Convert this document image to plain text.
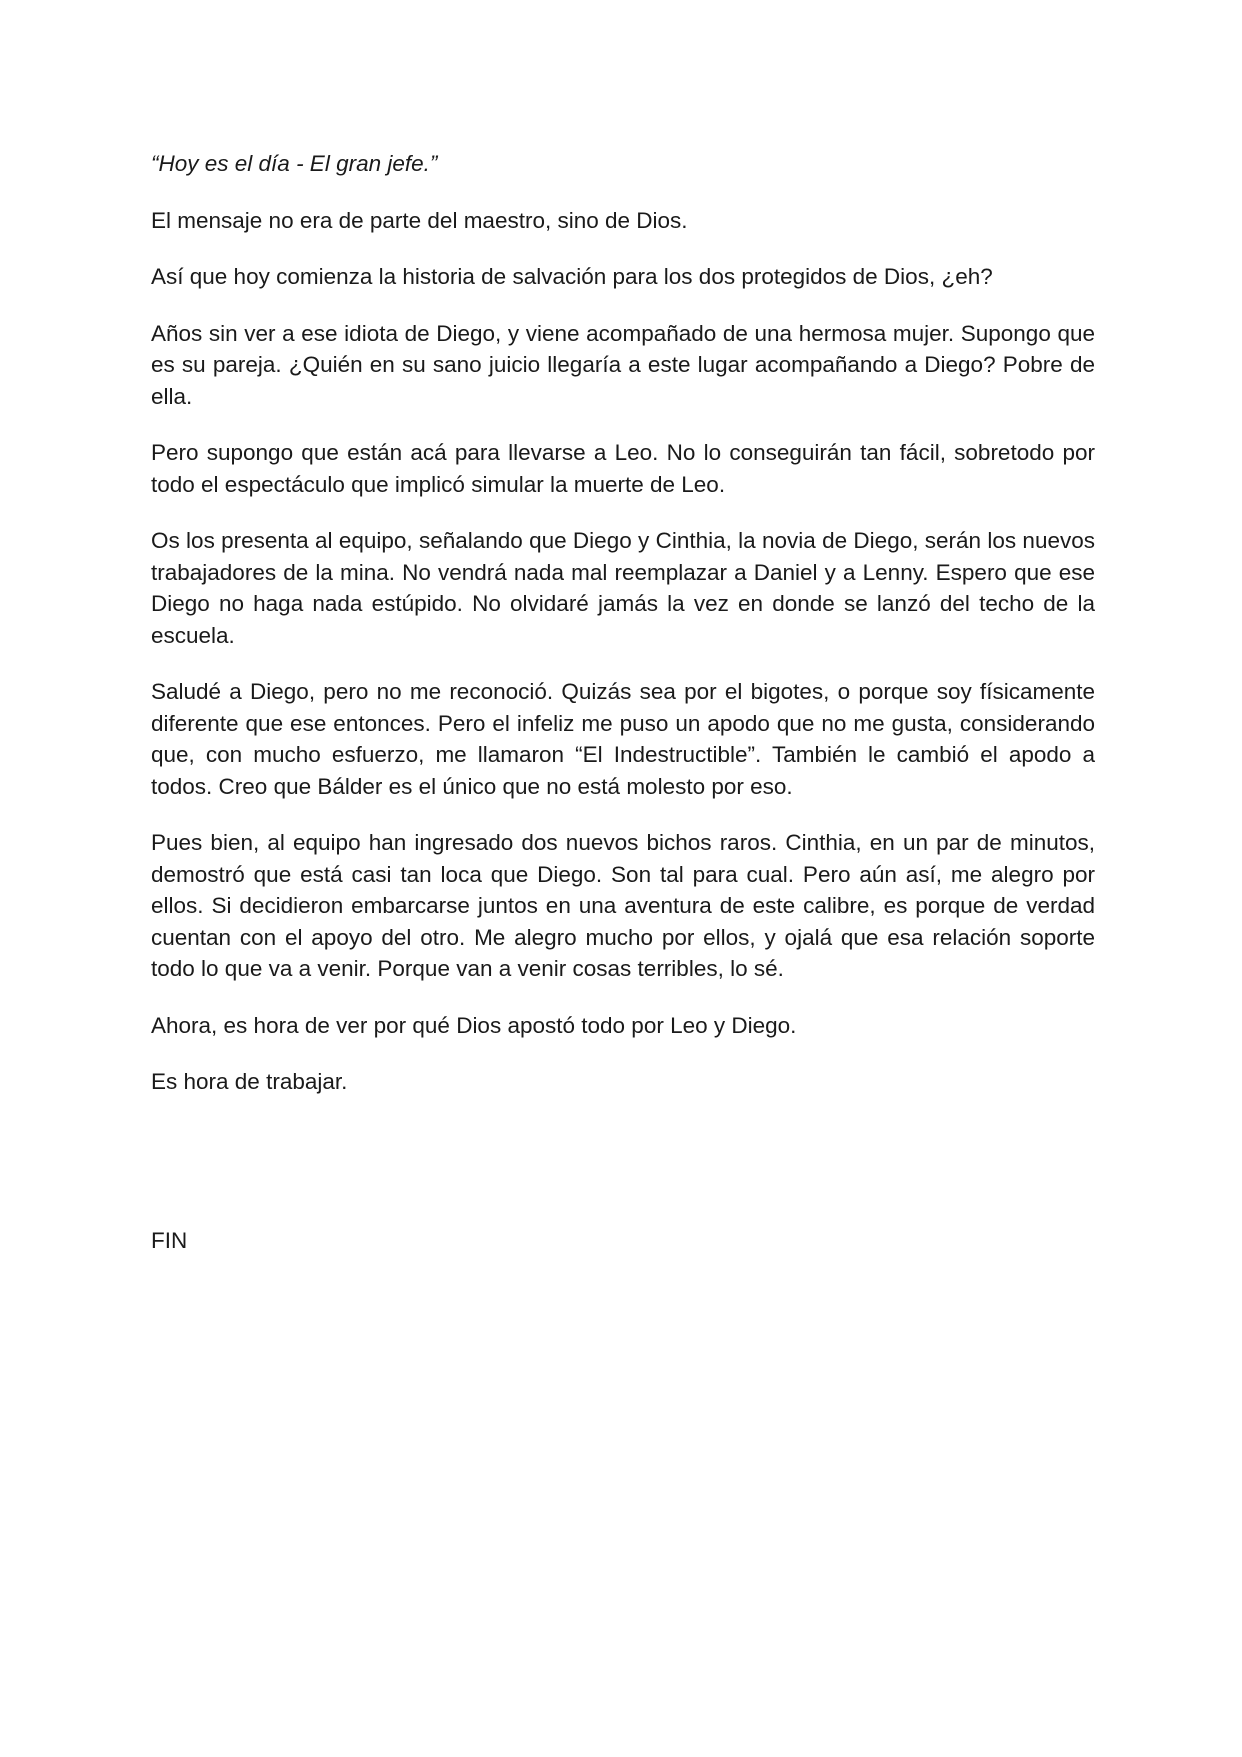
“Hoy es el día - El gran jefe.”

El mensaje no era de parte del maestro, sino de Dios.

Así que hoy comienza la historia de salvación para los dos protegidos de Dios, ¿eh?

Años sin ver a ese idiota de Diego, y viene acompañado de una hermosa mujer. Supongo que es su pareja. ¿Quién en su sano juicio llegaría a este lugar acompañando a Diego? Pobre de ella.

Pero supongo que están acá para llevarse a Leo. No lo conseguirán tan fácil, sobretodo por todo el espectáculo que implicó simular la muerte de Leo.

Os los presenta al equipo, señalando que Diego y Cinthia, la novia de Diego, serán los nuevos trabajadores de la mina. No vendrá nada mal reemplazar a Daniel y a Lenny. Espero que ese Diego no haga nada estúpido. No olvidaré jamás la vez en donde se lanzó del techo de la escuela.

Saludé a Diego, pero no me reconoció. Quizás sea por el bigotes, o porque soy físicamente diferente que ese entonces. Pero el infeliz me puso un apodo que no me gusta, considerando que, con mucho esfuerzo, me llamaron “El Indestructible”. También le cambió el apodo a todos. Creo que Bálder es el único que no está molesto por eso.

Pues bien, al equipo han ingresado dos nuevos bichos raros. Cinthia, en un par de minutos, demostró que está casi tan loca que Diego. Son tal para cual. Pero aún así, me alegro por ellos. Si decidieron embarcarse juntos en una aventura de este calibre, es porque de verdad cuentan con el apoyo del otro. Me alegro mucho por ellos, y ojalá que esa relación soporte todo lo que va a venir. Porque van a venir cosas terribles, lo sé.

Ahora, es hora de ver por qué Dios apostó todo por Leo y Diego.

Es hora de trabajar.

FIN
